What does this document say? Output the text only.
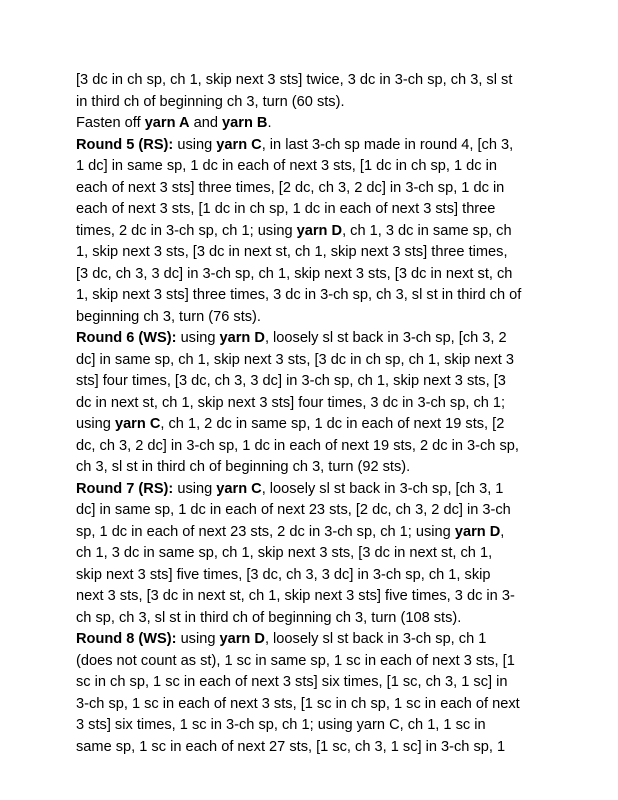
[3 dc in ch sp, ch 1, skip next 3 sts] twice, 3 dc in 3-ch sp, ch 3, sl st
in third ch of beginning ch 3, turn (60 sts).
Fasten off yarn A and yarn B.
Round 5 (RS): using yarn C, in last 3-ch sp made in round 4, [ch 3,
1 dc] in same sp, 1 dc in each of next 3 sts, [1 dc in ch sp, 1 dc in
each of next 3 sts] three times, [2 dc, ch 3, 2 dc] in 3-ch sp, 1 dc in
each of next 3 sts, [1 dc in ch sp, 1 dc in each of next 3 sts] three
times, 2 dc in 3-ch sp, ch 1; using yarn D, ch 1, 3 dc in same sp, ch
1, skip next 3 sts, [3 dc in next st, ch 1, skip next 3 sts] three times,
[3 dc, ch 3, 3 dc] in 3-ch sp, ch 1, skip next 3 sts, [3 dc in next st, ch
1, skip next 3 sts] three times, 3 dc in 3-ch sp, ch 3, sl st in third ch of
beginning ch 3, turn (76 sts).
Round 6 (WS): using yarn D, loosely sl st back in 3-ch sp, [ch 3, 2
dc] in same sp, ch 1, skip next 3 sts, [3 dc in ch sp, ch 1, skip next 3
sts] four times, [3 dc, ch 3, 3 dc] in 3-ch sp, ch 1, skip next 3 sts, [3
dc in next st, ch 1, skip next 3 sts] four times, 3 dc in 3-ch sp, ch 1;
using yarn C, ch 1, 2 dc in same sp, 1 dc in each of next 19 sts, [2
dc, ch 3, 2 dc] in 3-ch sp, 1 dc in each of next 19 sts, 2 dc in 3-ch sp,
ch 3, sl st in third ch of beginning ch 3, turn (92 sts).
Round 7 (RS): using yarn C, loosely sl st back in 3-ch sp, [ch 3, 1
dc] in same sp, 1 dc in each of next 23 sts, [2 dc, ch 3, 2 dc] in 3-ch
sp, 1 dc in each of next 23 sts, 2 dc in 3-ch sp, ch 1; using yarn D,
ch 1, 3 dc in same sp, ch 1, skip next 3 sts, [3 dc in next st, ch 1,
skip next 3 sts] five times, [3 dc, ch 3, 3 dc] in 3-ch sp, ch 1, skip
next 3 sts, [3 dc in next st, ch 1, skip next 3 sts] five times, 3 dc in 3-
ch sp, ch 3, sl st in third ch of beginning ch 3, turn (108 sts).
Round 8 (WS): using yarn D, loosely sl st back in 3-ch sp, ch 1
(does not count as st), 1 sc in same sp, 1 sc in each of next 3 sts, [1
sc in ch sp, 1 sc in each of next 3 sts] six times, [1 sc, ch 3, 1 sc] in
3-ch sp, 1 sc in each of next 3 sts, [1 sc in ch sp, 1 sc in each of next
3 sts] six times, 1 sc in 3-ch sp, ch 1; using yarn C, ch 1, 1 sc in
same sp, 1 sc in each of next 27 sts, [1 sc, ch 3, 1 sc] in 3-ch sp, 1
